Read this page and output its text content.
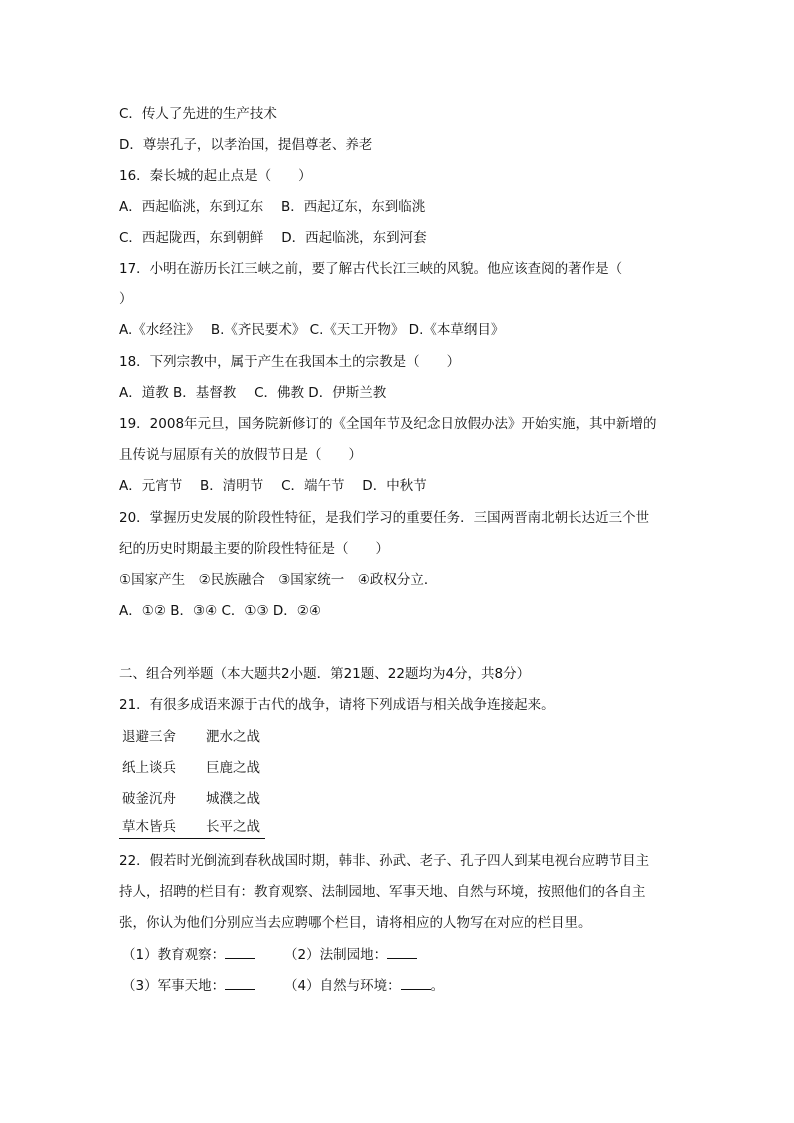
C．传人了先进的生产技术
D．尊崇孔子，以孝治国，提倡尊老、养老
16．秦长城的起止点是（　　）
A．西起临洮，东到辽东　 B．西起辽东，东到临洮
C．西起陇西，东到朝鲜　 D．西起临洮，东到河套
17．小明在游历长江三峡之前，要了解古代长江三峡的风貌。他应该查阅的著作是（
）
A.《水经注》　 B.《齐民要术》 C.《天工开物》 D.《本草纲目》
18．下列宗教中，属于产生在我国本土的宗教是（　　）
A．道教 B．基督教　 C．佛教 D．伊斯兰教
19．2008年元旦，国务院新修订的《全国年节及纪念日放假办法》开始实施，其中新增的
且传说与屈原有关的放假节日是（　　）
A．元宵节　 B．清明节　 C．端午节　 D．中秋节
20．掌握历史发展的阶段性特征，是我们学习的重要任务．三国两晋南北朝长达近三个世
纪的历史时期最主要的阶段性特征是（　　）
①国家产生　②民族融合　③国家统一　④政权分立．
A．①② B．③④ C．①③ D．②④
二、组合列举题（本大题共2小题．第21题、22题均为4分，共8分）
21．有很多成语来源于古代的战争，请将下列成语与相关战争连接起来。
退避三舍 淝水之战
纸上谈兵 巨鹿之战
破釜沉舟 城濮之战
草木皆兵 长平之战
22．假若时光倒流到春秋战国时期，韩非、孙武、老子、孔子四人到某电视台应聘节目主
持人，招聘的栏目有：教育观察、法制园地、军事天地、自然与环境，按照他们的各自主
张，你认为他们分别应当去应聘哪个栏目，请将相应的人物写在对应的栏目里。
（1）教育观察：	（2）法制园地：
（3）军事天地：	（4）自然与环境： 。
